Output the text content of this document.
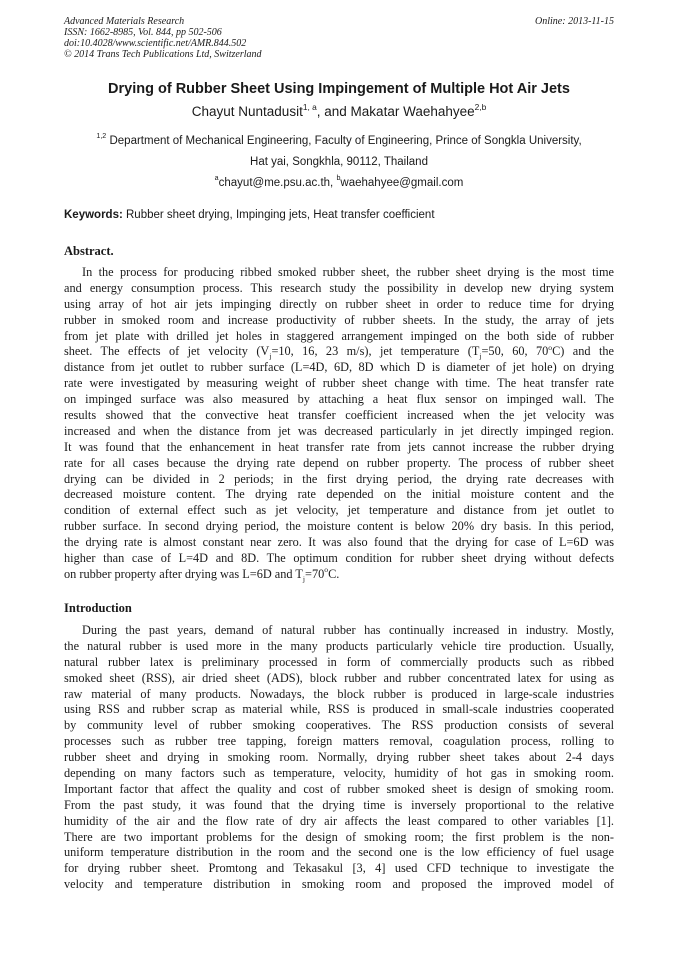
Advanced Materials Research
ISSN: 1662-8985, Vol. 844, pp 502-506
doi:10.4028/www.scientific.net/AMR.844.502
© 2014 Trans Tech Publications Ltd, Switzerland
Online: 2013-11-15
Drying of Rubber Sheet Using Impingement of Multiple Hot Air Jets
Chayut Nuntadusit$^{1, a}$, and Makatar Waehahyee$^{2,b}$
$^{1,2}$ Department of Mechanical Engineering, Faculty of Engineering, Prince of Songkla University,
Hat yai, Songkhla, 90112, Thailand
$^a$chayut@me.psu.ac.th, $^b$waehahyee@gmail.com
Keywords: Rubber sheet drying, Impinging jets, Heat transfer coefficient
Abstract.
In the process for producing ribbed smoked rubber sheet, the rubber sheet drying is the most time
and energy consumption process. This research study the possibility in develop new drying system
using array of hot air jets impinging directly on rubber sheet in order to reduce time for drying
rubber in smoked room and increase productivity of rubber sheets. In the study, the array of jets
from jet plate with drilled jet holes in staggered arrangement impinged on the both side of rubber
sheet. The effects of jet velocity ($V_j=10$, 16, 23 m/s), jet temperature ($T_j=50$, 60, 70$^o$C) and the
distance from jet outlet to rubber surface (L=4D, 6D, 8D which D is diameter of jet hole) on drying
rate were investigated by measuring weight of rubber sheet change with time. The heat transfer rate
on impinged surface was also measured by attaching a heat flux sensor on impinged wall. The
results showed that the convective heat transfer coefficient increased when the jet velocity was
increased and when the distance from jet was decreased particularly in jet directly impinged region.
It was found that the enhancement in heat transfer rate from jets cannot increase the rubber drying
rate for all cases because the drying rate depend on rubber property. The process of rubber sheet
drying can be divided in 2 periods; in the first drying period, the drying rate decreases with
decreased moisture content. The drying rate depended on the initial moisture content and the
condition of external effect such as jet velocity, jet temperature and distance from jet outlet to
rubber surface. In second drying period, the moisture content is below 20% dry basis. In this period,
the drying rate is almost constant near zero. It was also found that the drying for case of L=6D was
higher than case of L=4D and 8D. The optimum condition for rubber sheet drying without defects
on rubber property after drying was L=6D and $T_j=70^oC$.
Introduction
During the past years, demand of natural rubber has continually increased in industry. Mostly,
the natural rubber is used more in the many products particularly vehicle tire production. Usually,
natural rubber latex is preliminary processed in form of commercially products such as ribbed
smoked sheet (RSS), air dried sheet (ADS), block rubber and rubber concentrated latex for using as
raw material of many products. Nowadays, the block rubber is produced in large-scale industries
using RSS and rubber scrap as material while, RSS is produced in small-scale industries cooperated
by community level of rubber smoking cooperatives. The RSS production consists of several
processes such as rubber tree tapping, foreign matters removal, coagulation process, rolling to
rubber sheet and drying in smoking room. Normally, drying rubber sheet takes about 2-4 days
depending on many factors such as temperature, velocity, humidity of hot gas in smoking room.
Important factor that affect the quality and cost of rubber smoked sheet is design of smoking room.
From the past study, it was found that the drying time is inversely proportional to the relative
humidity of the air and the flow rate of dry air affects the least compared to other variables [1].
There are two important problems for the design of smoking room; the first problem is the non-
uniform temperature distribution in the room and the second one is the low efficiency of fuel usage
for drying rubber sheet. Promtong and Tekasakul [3, 4] used CFD technique to investigate the
velocity and temperature distribution in smoking room and proposed the improved model of
